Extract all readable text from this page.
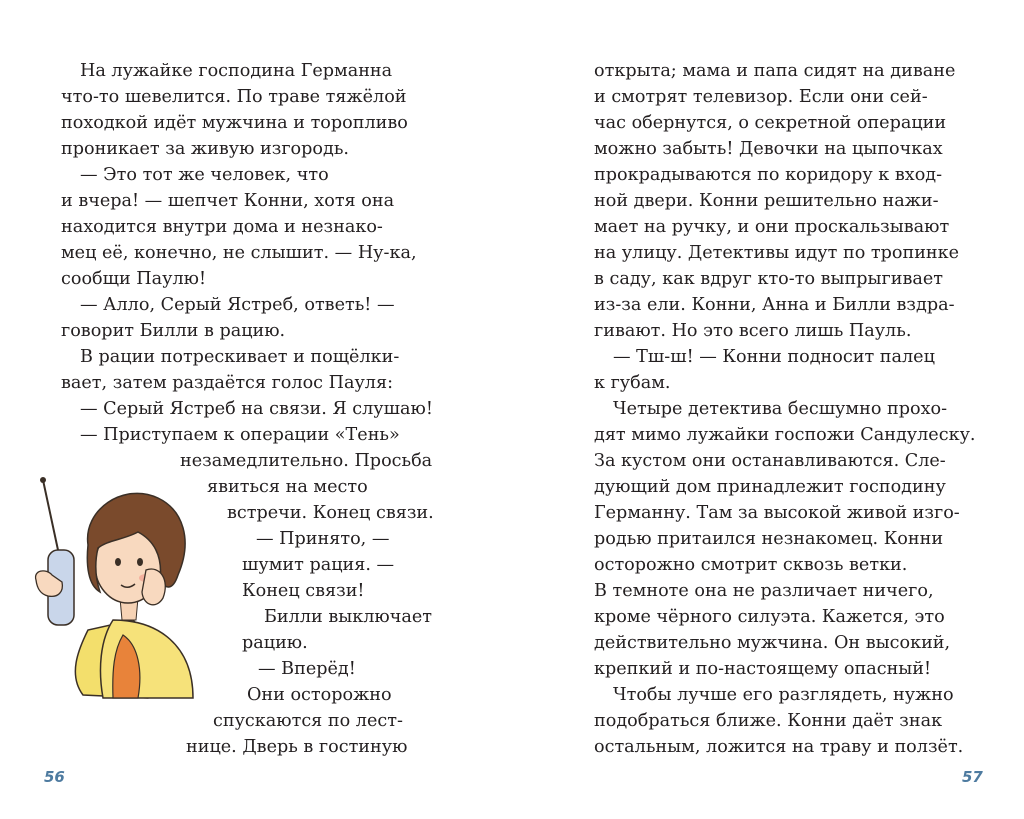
На лужайке господина Германна
что-то шевелится. По траве тяжёлой
походкой идёт мужчина и торопливо
проникает за живую изгородь.
— Это тот же человек, что
и вчера! — шепчет Конни, хотя она
находится внутри дома и незнако-
мец её, конечно, не слышит. — Ну-ка,
сообщи Паулю!
— Алло, Серый Ястреб, ответь! —
говорит Билли в рацию.
В рации потрескивает и пощёлки-
вает, затем раздаётся голос Пауля:
— Серый Ястреб на связи. Я слушаю!
— Приступаем к операции «Тень»
незамедлительно. Просьба
явиться на место
встречи. Конец связи.
— Принято, —
шумит рация. —
Конец связи!
Билли выключает
рацию.
— Вперёд!
Они осторожно
спускаются по лест-
нице. Дверь в гостиную
56
открыта; мама и папа сидят на диване
и смотрят телевизор. Если они сей-
час обернутся, о секретной операции
можно забыть! Девочки на цыпочках
прокрадываются по коридору к вход-
ной двери. Конни решительно нажи-
мает на ручку, и они проскальзывают
на улицу. Детективы идут по тропинке
в саду, как вдруг кто-то выпрыгивает
из-за ели. Конни, Анна и Билли вздра-
гивают. Но это всего лишь Пауль.
— Тш-ш! — Конни подносит палец
к губам.
Четыре детектива бесшумно прохо-
дят мимо лужайки госпожи Сандулеску.
За кустом они останавливаются. Сле-
дующий дом принадлежит господину
Германну. Там за высокой живой изго-
родью притаился незнакомец. Конни
осторожно смотрит сквозь ветки.
В темноте она не различает ничего,
кроме чёрного силуэта. Кажется, это
действительно мужчина. Он высокий,
крепкий и по-настоящему опасный!
Чтобы лучше его разглядеть, нужно
подобраться ближе. Конни даёт знак
остальным, ложится на траву и ползёт.
57
